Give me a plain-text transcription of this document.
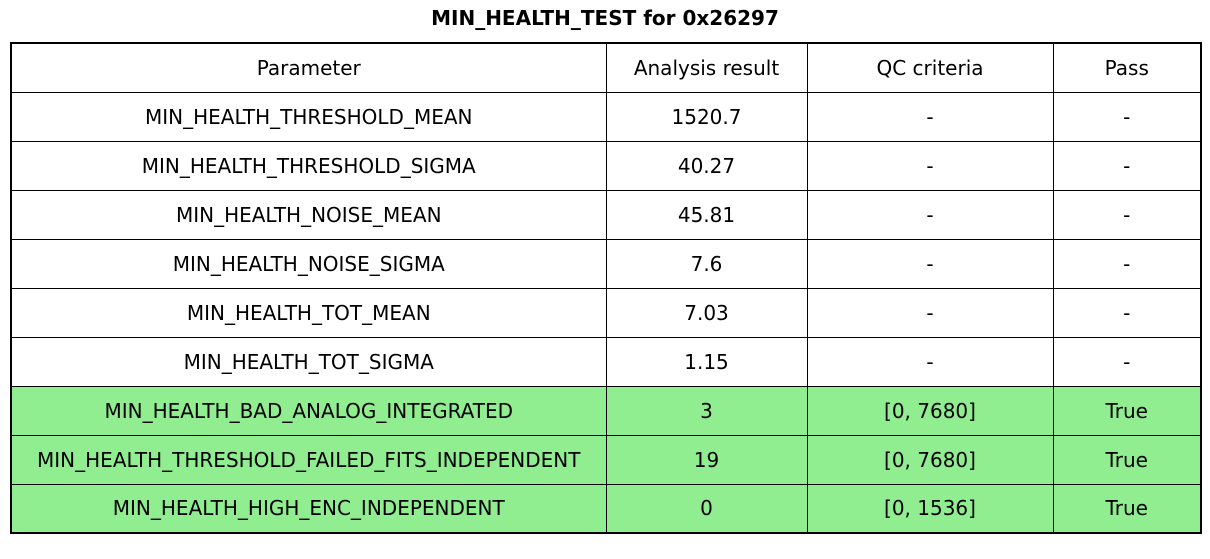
MIN_HEALTH_TEST for 0x26297
Parameter	Analysis result	QC criteria	Pass
MIN_HEALTH_THRESHOLD_MEAN	1520.7	-	-
MIN_HEALTH_THRESHOLD_SIGMA	40.27	-	-
MIN_HEALTH_NOISE_MEAN	45.81	-	-
MIN_HEALTH_NOISE_SIGMA	7.6	-	-
MIN_HEALTH_TOT_MEAN	7.03	-	-
MIN_HEALTH_TOT_SIGMA	1.15	-	-
MIN_HEALTH_BAD_ANALOG_INTEGRATED	3	[0, 7680]	True
MIN_HEALTH_THRESHOLD_FAILED_FITS_INDEPENDENT	19	[0, 7680]	True
MIN_HEALTH_HIGH_ENC_INDEPENDENT	0	[0, 1536]	True
